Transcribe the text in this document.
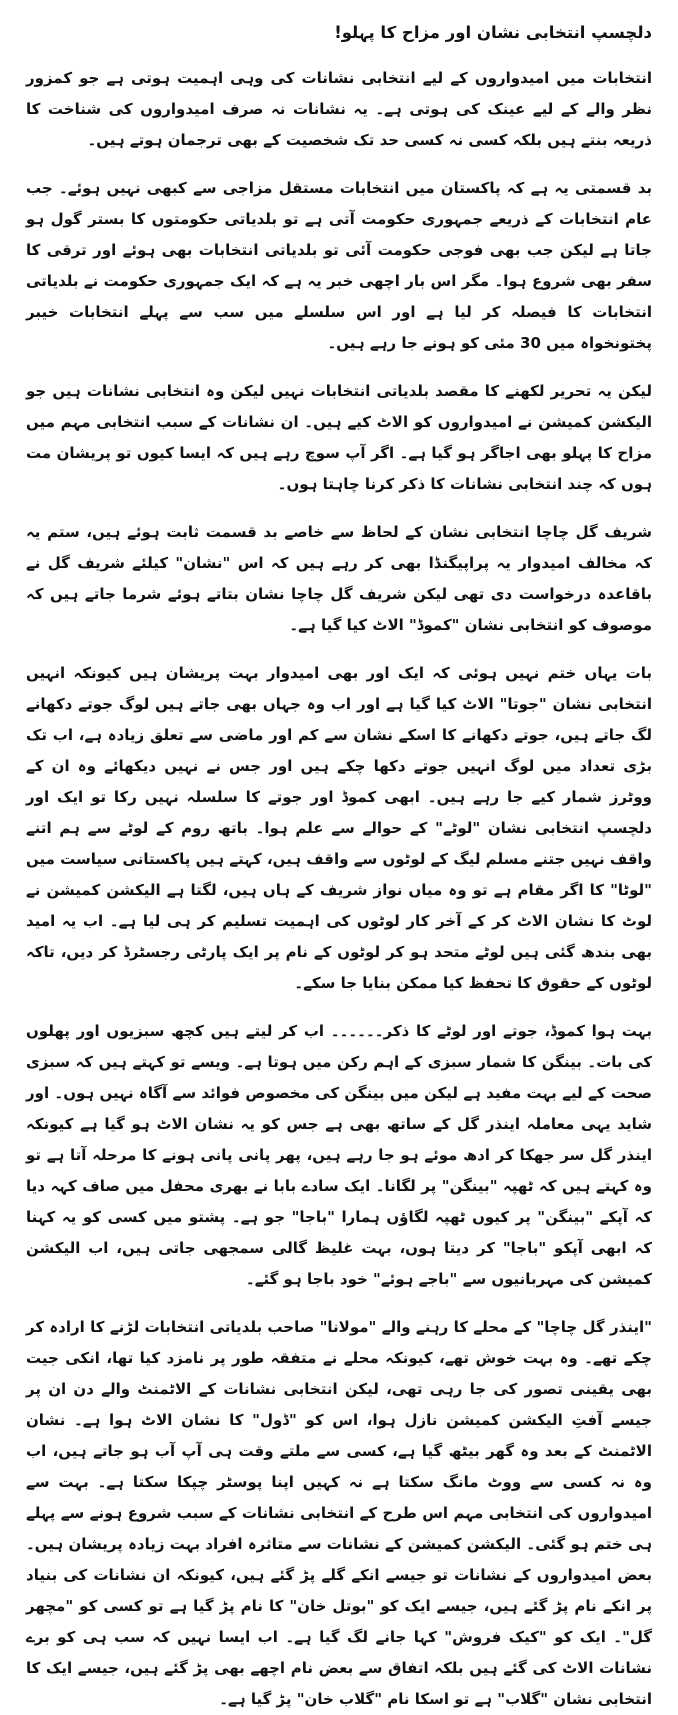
دلچسپ انتخابی نشان اور مزاح کا پہلو!

انتخابات میں امیدواروں کے لیے انتخابی نشانات کی وہی اہمیت ہوتی ہے جو کمزور نظر والے کے لیے عینک کی ہوتی ہے۔ یہ نشانات نہ صرف امیدواروں کی شناخت کا ذریعہ بنتے ہیں بلکہ کسی نہ کسی حد تک شخصیت کے بھی ترجمان ہوتے ہیں۔

بد قسمتی یہ ہے کہ پاکستان میں انتخابات مستقل مزاجی سے کبھی نہیں ہوئے۔ جب عام انتخابات کے ذریعے جمہوری حکومت آتی ہے تو بلدیاتی حکومتوں کا بستر گول ہو جاتا ہے لیکن جب بھی فوجی حکومت آئی تو بلدیاتی انتخابات بھی ہوئے اور ترقی کا سفر بھی شروع ہوا۔ مگر اس بار اچھی خبر یہ ہے کہ ایک جمہوری حکومت نے بلدیاتی انتخابات کا فیصلہ کر لیا ہے اور اس سلسلے میں سب سے پہلے انتخابات خیبر پختونخواہ میں 30 مئی کو ہونے جا رہے ہیں۔

لیکن یہ تحریر لکھنے کا مقصد بلدیاتی انتخابات نہیں لیکن وہ انتخابی نشانات ہیں جو الیکشن کمیشن نے امیدواروں کو الاٹ کیے ہیں۔ ان نشانات کے سبب انتخابی مہم میں مزاح کا پہلو بھی اجاگر ہو گیا ہے۔ اگر آپ سوچ رہے ہیں کہ ایسا کیوں تو پریشان مت ہوں کہ چند انتخابی نشانات کا ذکر کرنا چاہتا ہوں۔

شریف گل چاچا انتخابی نشان کے لحاظ سے خاصے بد قسمت ثابت ہوئے ہیں، ستم یہ کہ مخالف امیدوار یہ پراپیگنڈا بھی کر رہے ہیں کہ اس "نشان" کیلئے شریف گل نے باقاعدہ درخواست دی تھی لیکن شریف گل چاچا نشان بتاتے ہوئے شرما جاتے ہیں کہ موصوف کو انتخابی نشان "کموڈ" الاٹ کیا گیا ہے۔

بات یہاں ختم نہیں ہوئی کہ ایک اور بھی امیدوار بہت پریشان ہیں کیونکہ انہیں انتخابی نشان "جوتا" الاٹ کیا گیا ہے اور اب وہ جہاں بھی جاتے ہیں لوگ جوتے دکھانے لگ جاتے ہیں، جوتے دکھانے کا اسکے نشان سے کم اور ماضی سے تعلق زیادہ ہے، اب تک بڑی تعداد میں لوگ انہیں جوتے دکھا چکے ہیں اور جس نے نہیں دیکھائے وہ ان کے ووٹرز شمار کیے جا رہے ہیں۔ ابھی کموڈ اور جوتے کا سلسلہ نہیں رکا تو ایک اور دلچسپ انتخابی نشان "لوٹے" کے حوالے سے علم ہوا۔ باتھ روم کے لوٹے سے ہم اتنے واقف نہیں جتنے مسلم لیگ کے لوٹوں سے واقف ہیں، کہتے ہیں پاکستانی سیاست میں "لوٹا" کا اگر مقام ہے تو وہ میاں نواز شریف کے ہاں ہیں، لگتا ہے الیکشن کمیشن نے لوٹ کا نشان الاٹ کر کے آخر کار لوٹوں کی اہمیت تسلیم کر ہی لیا ہے۔ اب یہ امید بھی بندھ گئی ہیں لوٹے متحد ہو کر لوٹوں کے نام پر ایک پارٹی رجسٹرڈ کر دیں، تاکہ لوٹوں کے حقوق کا تحفظ کیا ممکن بنایا جا سکے۔

بہت ہوا کموڈ، جوتے اور لوٹے کا ذکر۔۔۔۔۔۔ اب کر لیتے ہیں کچھ سبزیوں اور پھلوں کی بات۔ بینگن کا شمار سبزی کے اہم رکن میں ہوتا ہے۔ ویسے تو کہتے ہیں کہ سبزی صحت کے لیے بہت مفید ہے لیکن میں بینگن کی مخصوص فوائد سے آگاہ نہیں ہوں۔ اور شاید یہی معاملہ اینذر گل کے ساتھ بھی ہے جس کو یہ نشان الاٹ ہو گیا ہے کیونکہ اینذر گل سر جھکا کر ادھ موئے ہو جا رہے ہیں، پھر پانی پانی ہونے کا مرحلہ آتا ہے تو وہ کہتے ہیں کہ ٹھپہ "بینگن" پر لگانا۔ ایک سادے بابا نے بھری محفل میں صاف کہہ دیا کہ آپکے "بینگن" پر کیوں ٹھپہ لگاؤں ہمارا "باجا" جو ہے۔ پشتو میں کسی کو یہ کہنا کہ ابھی آپکو "باجا" کر دیتا ہوں، بہت غلیظ گالی سمجھی جاتی ہیں، اب الیکشن کمیشن کی مہربانیوں سے "باجے ہوئے" خود باجا ہو گئے۔

"اینذر گل چاچا" کے محلے کا رہنے والے "مولانا" صاحب بلدیاتی انتخابات لڑنے کا ارادہ کر چکے تھے۔ وہ بہت خوش تھے، کیونکہ محلے نے متفقہ طور پر نامزد کیا تھا، انکی جیت بھی یقینی تصور کی جا رہی تھی، لیکن انتخابی نشانات کے الاٹمنٹ والے دن ان پر جیسے آفتِ الیکشن کمیشن نازل ہوا، اس کو "ڈول" کا نشان الاٹ ہوا ہے۔ نشان الاٹمنٹ کے بعد وہ گھر بیٹھ گیا ہے، کسی سے ملتے وقت ہی آپ آب ہو جاتے ہیں، اب وہ نہ کسی سے ووٹ مانگ سکتا ہے نہ کہیں اپنا پوسٹر چپکا سکتا ہے۔ بہت سے امیدواروں کی انتخابی مہم اس طرح کے انتخابی نشانات کے سبب شروع ہونے سے پہلے ہی ختم ہو گئی۔ الیکشن کمیشن کے نشانات سے متاثرہ افراد بہت زیادہ پریشان ہیں۔ بعض امیدواروں کے نشانات تو جیسے انکے گلے پڑ گئے ہیں، کیونکہ ان نشانات کی بنیاد پر انکے نام پڑ گئے ہیں، جیسے ایک کو "بوتل خان" کا نام پڑ گیا ہے تو کسی کو "مچھر گل"۔ ایک کو "کیک فروش" کہا جانے لگ گیا ہے۔ اب ایسا نہیں کہ سب ہی کو برے نشانات الاٹ کی گئے ہیں بلکہ اتفاق سے بعض نام اچھے بھی پڑ گئے ہیں، جیسے ایک کا انتخابی نشان "گلاب" ہے تو اسکا نام "گلاب خان" پڑ گیا ہے۔
